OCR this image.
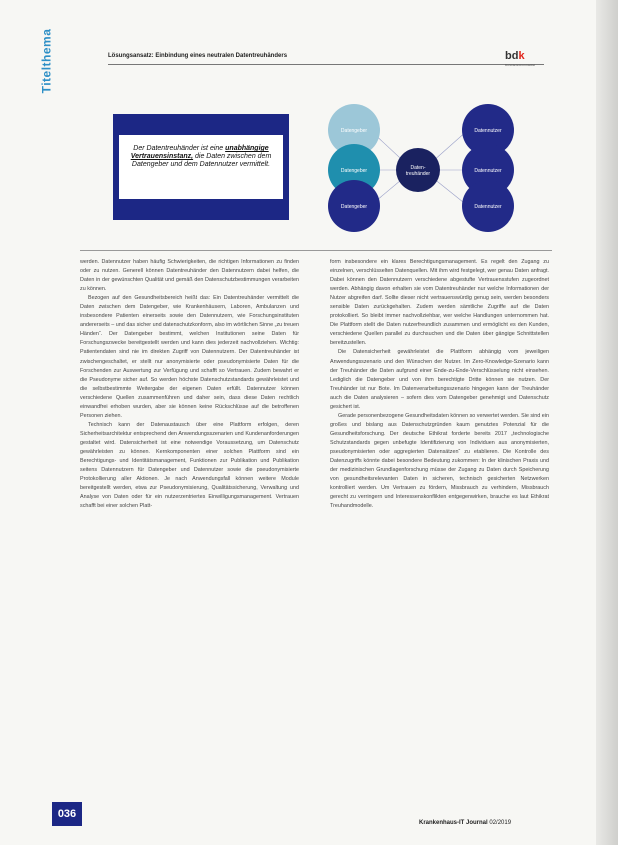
Titelthema	Lösungsansatz: Einbindung eines neutralen Datentreuhänders	bdk
BUNDESDRUCKEREI
Der Datentreuhänder ist eine unabhängige Vertrauensinstanz, die Daten zwischen dem Datengeber und dem Datennutzer vermittelt.
Datengeber
Datengeber
Datengeber
Daten-
treuhänder
Datennutzer
Datennutzer
Datennutzer

werden. Datennutzer haben häufig Schwierigkeiten, die richtigen Informationen zu finden oder zu nutzen. Generell können Datentreuhänder den Datennutzern dabei helfen, die Daten in der gewünschten Qualität und gemäß den Datenschutzbestimmungen verarbeiten zu können.

Bezogen auf den Gesundheitsbereich heißt das: Ein Datentreuhänder vermittelt die Daten zwischen dem Datengeber, wie Krankenhäusern, Laboren, Ambulanzen und insbesondere Patienten einerseits sowie den Datennutzern, wie Forschungsinstituten andererseits – und das sicher und datenschutzkonform, also im wörtlichen Sinne „zu treuen Händen“. Der Datengeber bestimmt, welchen Institutionen seine Daten für Forschungszwecke bereitgestellt werden und kann dies jederzeit nachvollziehen. Wichtig: Patientendaten sind nie im direkten Zugriff von Datennutzern. Der Datentreuhänder ist zwischengeschaltet, er stellt nur anonymisierte oder pseudonymisierte Daten für die Forschenden zur Auswertung zur Verfügung und schafft so Vertrauen. Zudem bewahrt er die Pseudonyme sicher auf. So werden höchste Datenschutzstandards gewährleistet und die selbstbestimmte Weitergabe der eigenen Daten erfüllt. Datennutzer können verschiedene Quellen zusammenführen und daher sein, dass diese Daten rechtlich einwandfrei erhoben wurden, aber sie können keine Rückschlüsse auf die betroffenen Personen ziehen.

Technisch kann der Datenaustausch über eine Plattform erfolgen, deren Sicherheitsarchitektur entsprechend den Anwendungsszenarien und Kundenanforderungen gestaltet wird. Datensicherheit ist eine notwendige Voraussetzung, um Datenschutz gewährleisten zu können. Kernkomponenten einer solchen Plattform sind ein Berechtigungs- und Identitätsmanagement, Funktionen zur Publikation und Publikation seitens Datennutzern für Datengeber und Datennutzer sowie die pseudonymisierte Protokollierung aller Aktionen. Je nach Anwendungsfall können weitere Module bereitgestellt werden, etwa zur Pseudonymisierung, Qualitätssicherung, Verwaltung und Analyse von Daten oder für ein nutzerzentriertes Einwilligungsmanagement. Vertrauen schafft bei einer solchen Platt-

form insbesondere ein klares Berechtigungsmanagement. Es regelt den Zugang zu einzelnen, verschlüsselten Datenquellen. Mit ihm wird festgelegt, wer genau Daten anfragt. Dabei können den Datennutzern verschiedene abgestufte Vertrauensstufen zugeordnet werden. Abhängig davon erhalten sie vom Datentreuhänder nur welche Informationen der Nutzer abgreifen darf. Sollte dieser nicht vertrauenswürdig genug sein, werden besonders sensible Daten zurückgehalten. Zudem werden sämtliche Zugriffe auf die Daten protokolliert. So bleibt immer nachvollziehbar, wer welche Handlungen unternommen hat. Die Plattform stellt die Daten nutzerfreundlich zusammen und ermöglicht es den Kunden, verschiedene Quellen parallel zu durchsuchen und die Daten über gängige Schnittstellen bereitzustellen.

Die Datensicherheit gewährleistet die Plattform abhängig vom jeweiligen Anwendungsszenario und den Wünschen der Nutzer. Im Zero-Knowledge-Szenario kann der Treuhänder die Daten aufgrund einer Ende-zu-Ende-Verschlüsselung nicht einsehen. Lediglich die Datengeber und von ihm berechtigte Dritte können sie nutzen. Der Treuhänder ist nur Bote. Im Datenverarbeitungsszenario hingegen kann der Treuhänder auch die Daten analysieren – sofern dies vom Datengeber genehmigt und Datenschutz gesichert ist.

Gerade personenbezogene Gesundheitsdaten können so verwertet werden. Sie sind ein großes und bislang aus Datenschutzgründen kaum genutztes Potenzial für die Gesundheitsforschung. Der deutsche Ethikrat forderte bereits 2017 „technologische Schutzstandards gegen unbefugte Identifizierung von Individuen aus anonymisierten, pseudonymisierten oder aggregierten Datensätzen“ zu etablieren. Die Kontrolle des Datenzugriffs könnte dabei besondere Bedeutung zukommen: In der klinischen Praxis und der medizinischen Grundlagenforschung müsse der Zugang zu Daten durch Speicherung von gesundheitsrelevanten Daten in sicheren, technisch gesicherten Netzwerken kontrolliert werden. Um Vertrauen zu fördern, Missbrauch zu verhindern, Missbrauch gerecht zu verringern und Interessenskonflikten entgegenwirken, brauche es laut Ethikrat Treuhandmodelle.

036
Krankenhaus-IT Journal 02/2019
